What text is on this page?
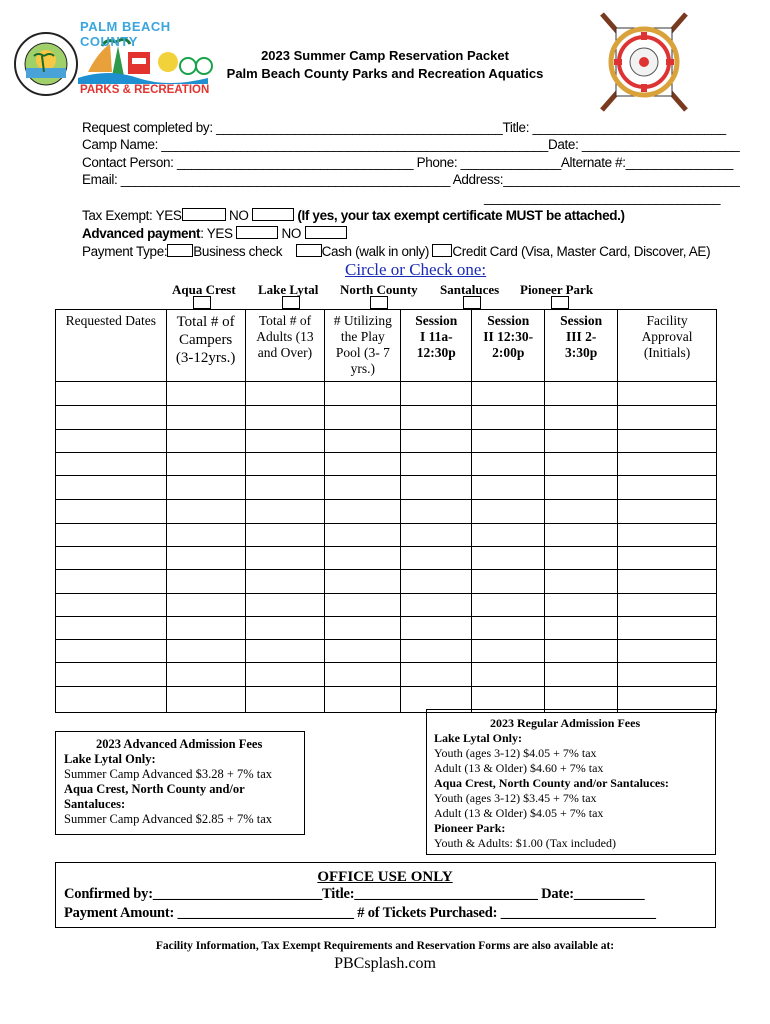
PALM BEACH COUNTY
PARKS & RECREATION
2023 Summer Camp Reservation Packet
Palm Beach County Parks and Recreation Aquatics
Request completed by: ________________________________________Title: ___________________________
Camp Name: ______________________________________________________Date: ______________________
Contact Person: _________________________________ Phone: ______________Alternate #:_______________
Email: ______________________________________________ Address:_________________________________
_________________________________
Tax Exempt: YES	NO	(If yes, your tax exempt certificate MUST be attached.)
Advanced payment: YES	NO
Payment Type: Business check	Cash (walk in only) Credit Card (Visa, Master Card, Discover, AE)
Circle or Check one:
Aqua Crest Lake Lytal North County Santaluces Pioneer Park
Requested Dates	Total # of Campers (3-12yrs.)	Total # of Adults (13 and Over)	# Utilizing the Play Pool (3- 7 yrs.)	Session I 11a- 12:30p	Session II 12:30- 2:00p	Session III 2- 3:30p	Facility Approval (Initials)

2023 Advanced Admission Fees
Lake Lytal Only:
Summer Camp Advanced $3.28 + 7% tax
Aqua Crest, North County and/or
Santaluces:
Summer Camp Advanced $2.85 + 7% tax
2023 Regular Admission Fees
Lake Lytal Only:
Youth (ages 3-12) $4.05 + 7% tax
Adult (13 & Older) $4.60 + 7% tax
Aqua Crest, North County and/or Santaluces:
Youth (ages 3-12) $3.45 + 7% tax
Adult (13 & Older) $4.05 + 7% tax
Pioneer Park:
Youth & Adults: $1.00 (Tax included)
OFFICE USE ONLY
Confirmed by:________________________Title:__________________________ Date:__________
Payment Amount: _________________________ # of Tickets Purchased: ______________________
Facility Information, Tax Exempt Requirements and Reservation Forms are also available at:
PBCsplash.com
